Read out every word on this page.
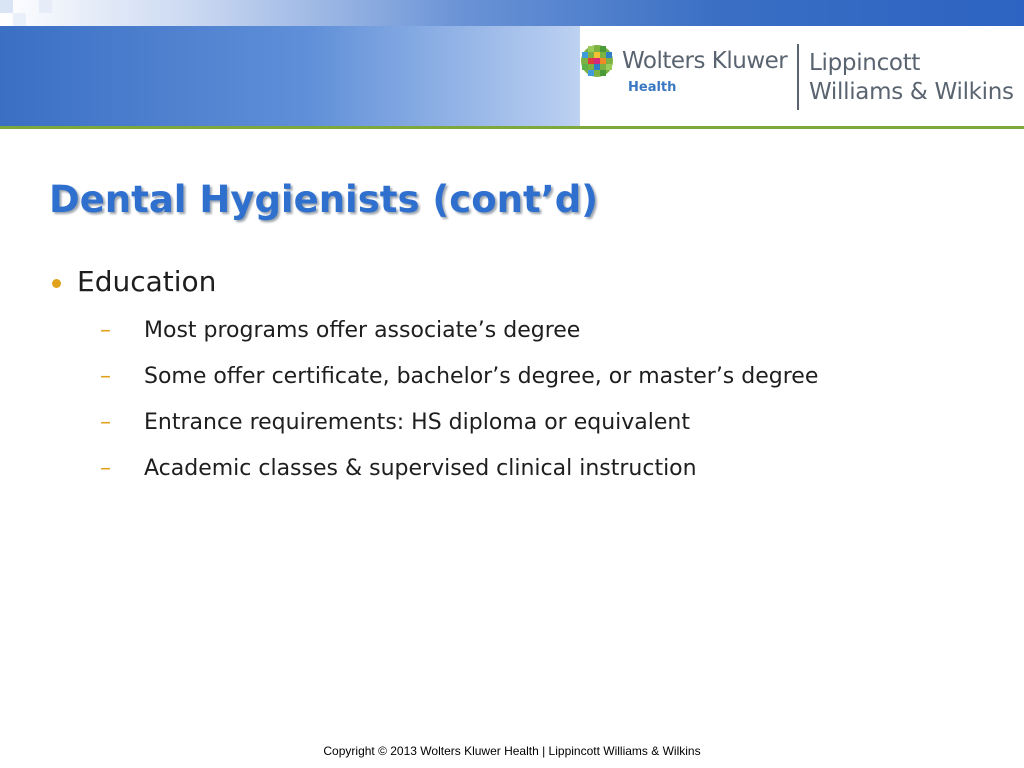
Wolters Kluwer
Health
Lippincott
Williams & Wilkins
Dental Hygienists (cont’d)
Education
– Most programs offer associate’s degree
– Some offer certificate, bachelor’s degree, or master’s degree
– Entrance requirements: HS diploma or equivalent
– Academic classes & supervised clinical instruction
Copyright © 2013 Wolters Kluwer Health | Lippincott Williams & Wilkins
